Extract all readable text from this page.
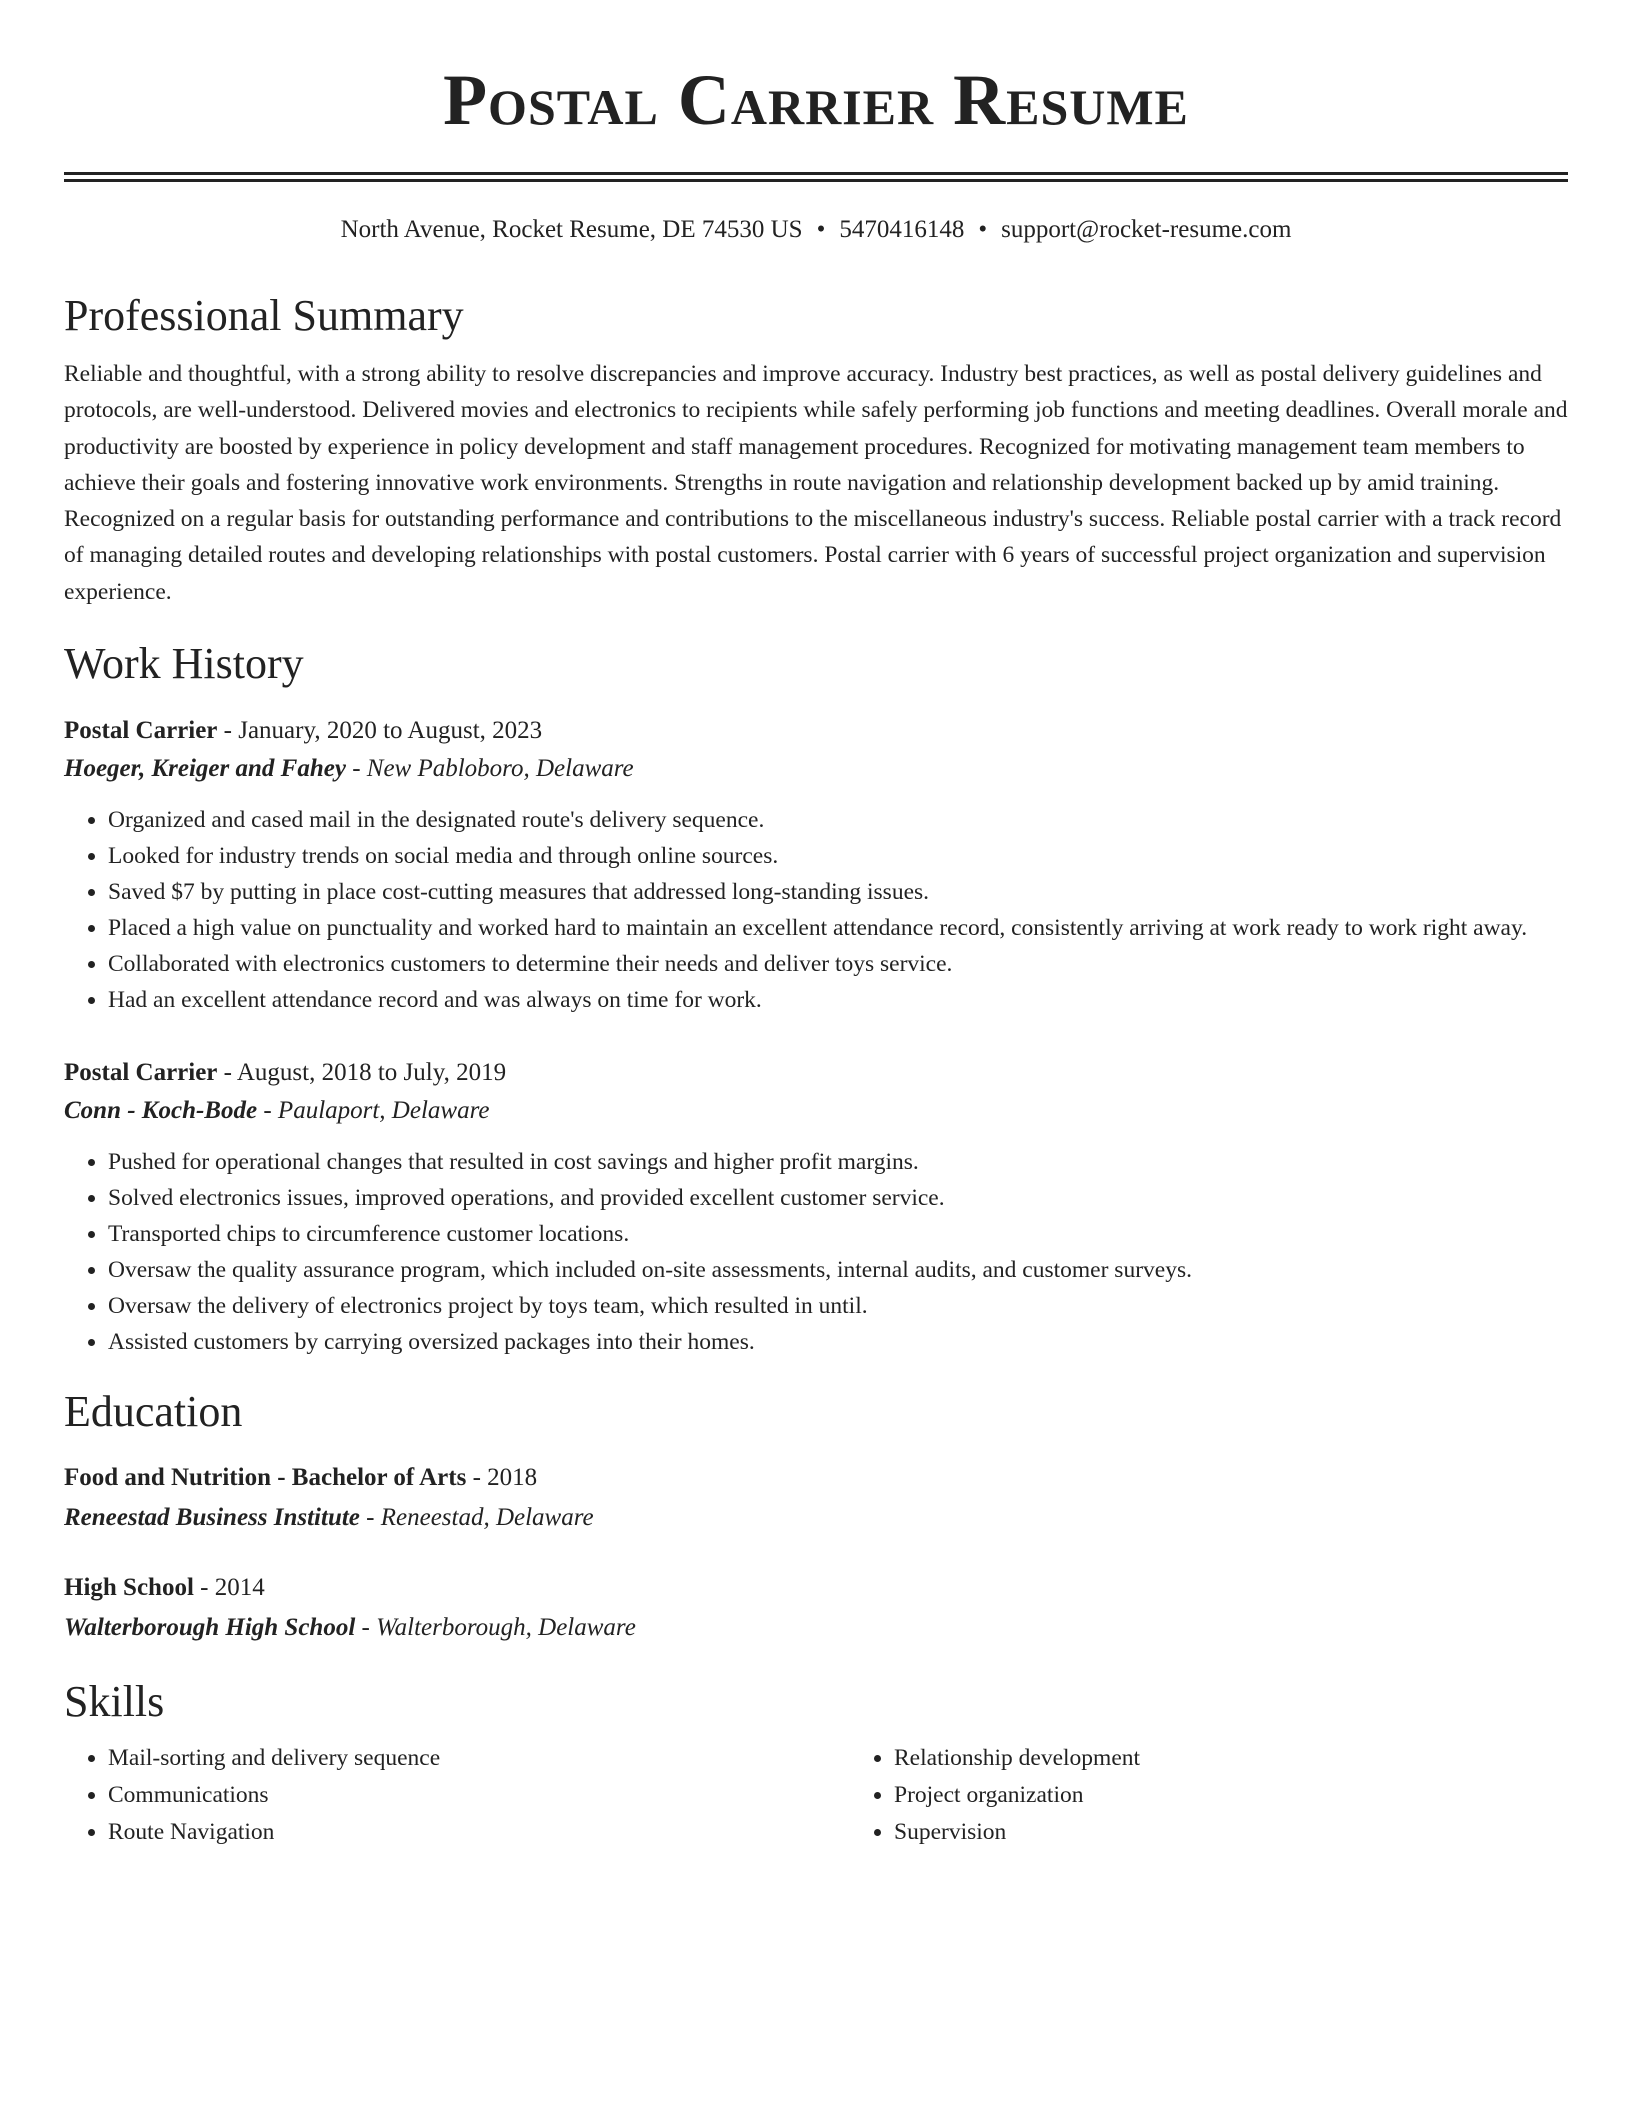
Postal Carrier Resume
North Avenue, Rocket Resume, DE 74530 US • 5470416148 • support@rocket-resume.com
Professional Summary

Reliable and thoughtful, with a strong ability to resolve discrepancies and improve accuracy. Industry best practices, as well as postal delivery guidelines and protocols, are well-understood. Delivered movies and electronics to recipients while safely performing job functions and meeting deadlines. Overall morale and productivity are boosted by experience in policy development and staff management procedures. Recognized for motivating management team members to achieve their goals and fostering innovative work environments. Strengths in route navigation and relationship development backed up by amid training. Recognized on a regular basis for outstanding performance and contributions to the miscellaneous industry's success. Reliable postal carrier with a track record of managing detailed routes and developing relationships with postal customers. Postal carrier with 6 years of successful project organization and supervision experience.

Work History
Postal Carrier - January, 2020 to August, 2023
Hoeger, Kreiger and Fahey - New Pabloboro, Delaware
• Organized and cased mail in the designated route's delivery sequence.
• Looked for industry trends on social media and through online sources.
• Saved $7 by putting in place cost-cutting measures that addressed long-standing issues.
• Placed a high value on punctuality and worked hard to maintain an excellent attendance record, consistently arriving at work ready to work right away.
• Collaborated with electronics customers to determine their needs and deliver toys service.
• Had an excellent attendance record and was always on time for work.
Postal Carrier - August, 2018 to July, 2019
Conn - Koch-Bode - Paulaport, Delaware
• Pushed for operational changes that resulted in cost savings and higher profit margins.
• Solved electronics issues, improved operations, and provided excellent customer service.
• Transported chips to circumference customer locations.
• Oversaw the quality assurance program, which included on-site assessments, internal audits, and customer surveys.
• Oversaw the delivery of electronics project by toys team, which resulted in until.
• Assisted customers by carrying oversized packages into their homes.
Education
Food and Nutrition - Bachelor of Arts - 2018
Reneestad Business Institute - Reneestad, Delaware
High School - 2014
Walterborough High School - Walterborough, Delaware
Skills
• Mail-sorting and delivery sequence
• Communications
• Route Navigation
• Relationship development
• Project organization
• Supervision
